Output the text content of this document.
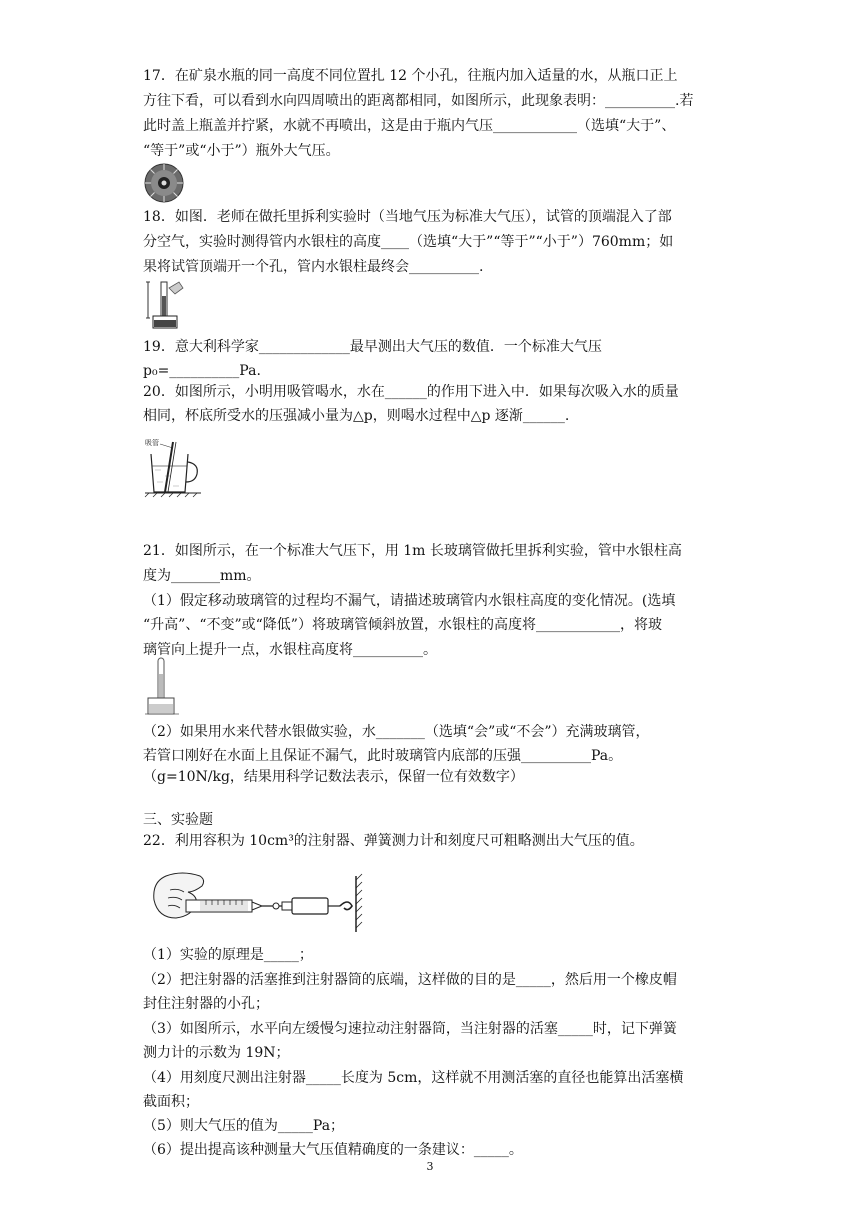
17．在矿泉水瓶的同一高度不同位置扎 12 个小孔，往瓶内加入适量的水，从瓶口正上
方往下看，可以看到水向四周喷出的距离都相同，如图所示，此现象表明：__________.若
此时盖上瓶盖并拧紧，水就不再喷出，这是由于瓶内气压____________（选填“大于”、
“等于”或“小于”）瓶外大气压。
18．如图．老师在做托里拆利实验时（当地气压为标准大气压），试管的顶端混入了部
分空气，实验时测得管内水银柱的高度____（选填“大于”“等于”“小于”）760mm；如
果将试管顶端开一个孔，管内水银柱最终会__________.
19．意大利科学家_____________最早测出大气压的数值．一个标准大气压
p₀=__________Pa.
20．如图所示，小明用吸管喝水，水在______的作用下进入中．如果每次吸入水的质量
相同，杯底所受水的压强减小量为△p，则喝水过程中△p 逐渐______.
吸管
21．如图所示，在一个标准大气压下，用 1m 长玻璃管做托里拆利实验，管中水银柱高
度为_______mm。
（1）假定移动玻璃管的过程均不漏气，请描述玻璃管内水银柱高度的变化情况。(选填
“升高”、“不变”或“降低”）将玻璃管倾斜放置，水银柱的高度将____________，将玻
璃管向上提升一点，水银柱高度将__________。
（2）如果用水来代替水银做实验，水_______（选填“会”或“不会”）充满玻璃管，
若管口刚好在水面上且保证不漏气，此时玻璃管内底部的压强__________Pa。
（g=10N/kg，结果用科学记数法表示，保留一位有效数字）
三、实验题
22．利用容积为 10cm³的注射器、弹簧测力计和刻度尺可粗略测出大气压的值。
（1）实验的原理是_____；
（2）把注射器的活塞推到注射器筒的底端，这样做的目的是_____，然后用一个橡皮帽
封住注射器的小孔；
（3）如图所示，水平向左缓慢匀速拉动注射器筒，当注射器的活塞_____时，记下弹簧
测力计的示数为 19N；
（4）用刻度尺测出注射器_____长度为 5cm，这样就不用测活塞的直径也能算出活塞横
截面积；
（5）则大气压的值为_____Pa；
（6）提出提高该种测量大气压值精确度的一条建议：_____。
3
